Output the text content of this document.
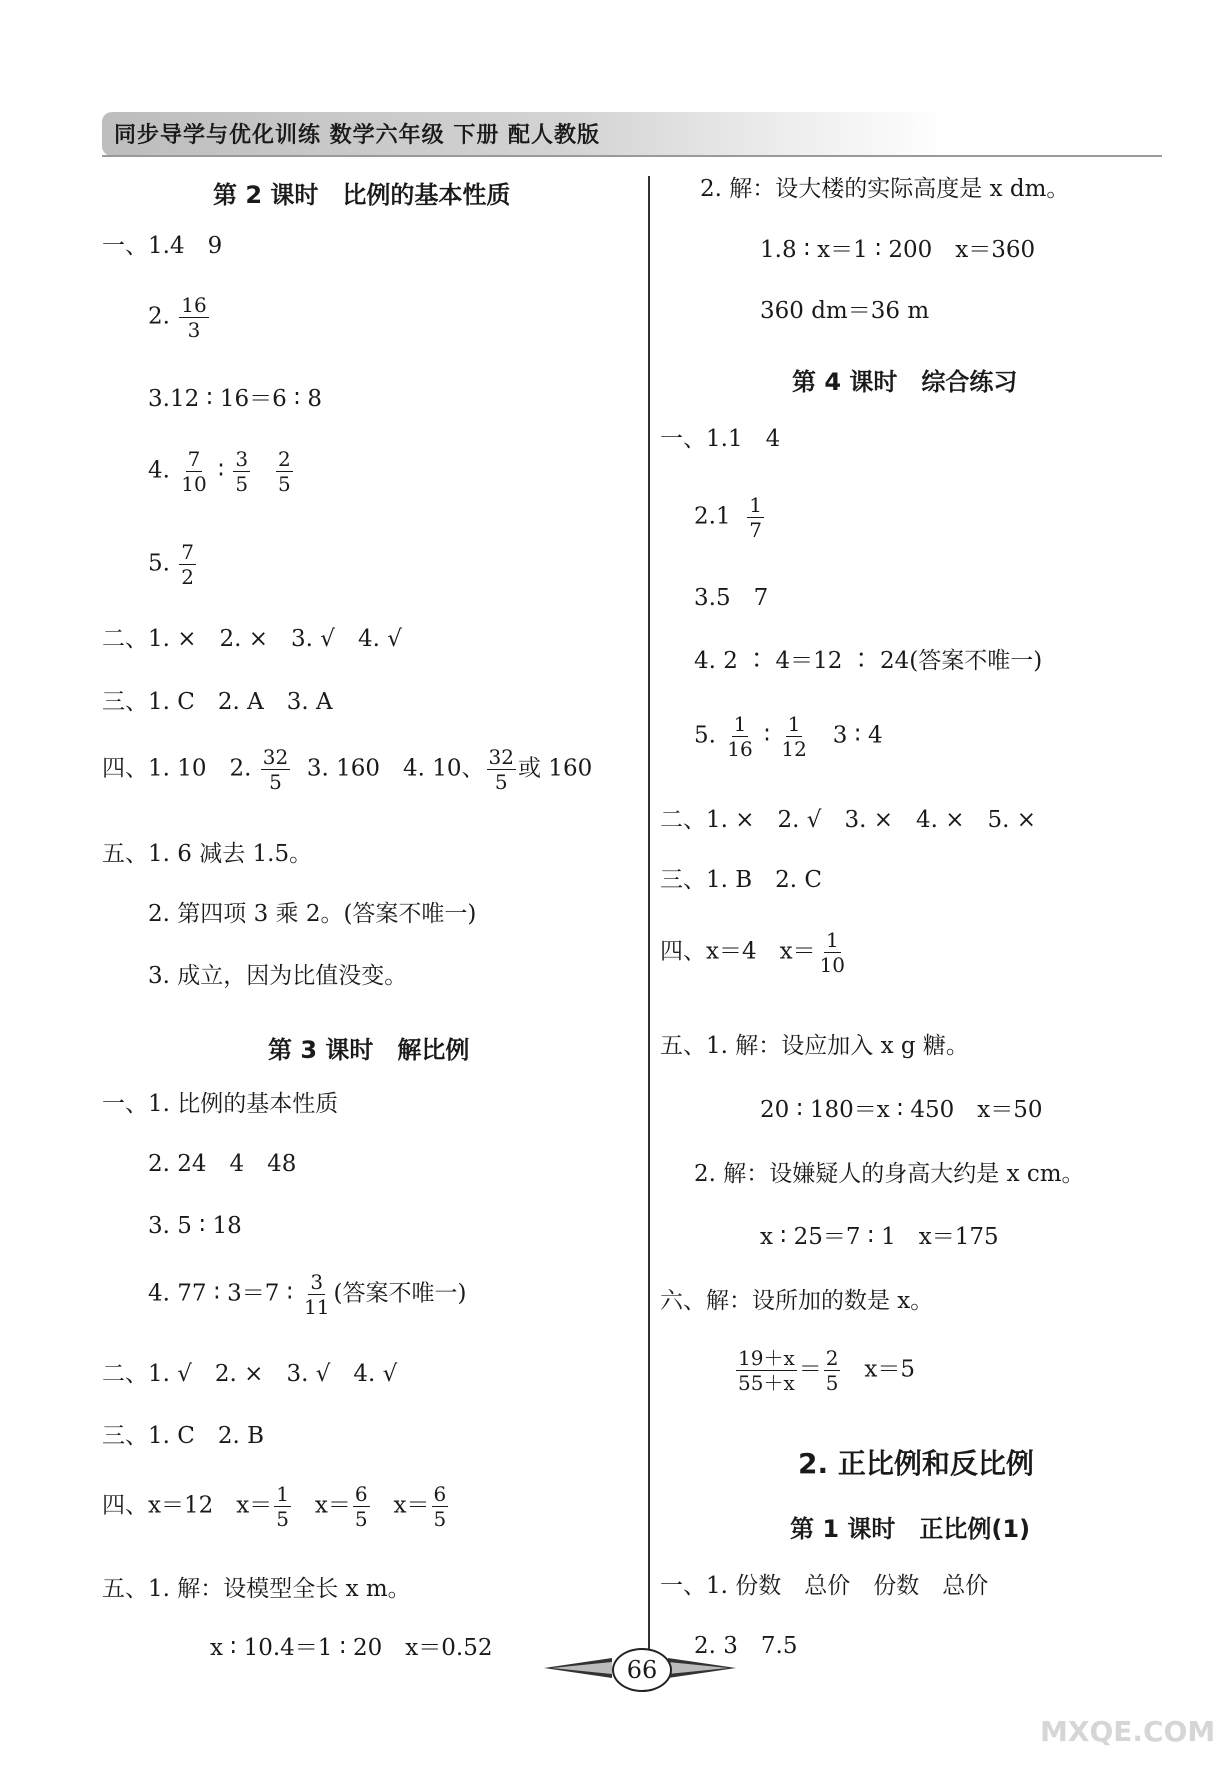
同步导学与优化训练 数学六年级 下册 配人教版
第 2 课时　比例的基本性质
一、1.4　9
2. $\frac{16}{3}$
3.12 ∶ 16＝6 ∶ 8
4. $\frac{7}{10}$ ∶ $\frac{3}{5}$
$\frac{2}{5}$
5. $\frac{7}{2}$
二、1. ×　2. ×　3. √　4. √
三、1. C　2. A　3. A
四、1. 10　2. $\frac{32}{5} 3$. 160　4. 10、 $\frac{32}{5}$ 或 160
五、1. 6 减去 1.5。
2. 第四项 3 乘 2。(答案不唯一)
3. 成立，因为比值没变。
第 3 课时　解比例
一、1. 比例的基本性质
2. 24　4　48
3. 5 ∶ 18
4. 77 ∶ 3＝7 ∶ $\frac{3}{11}$ (答案不唯一)
二、1. √　2. ×　3. √　4. √
三、1. C　2. B
四、x＝12　$x= \frac{1}{5} x= \frac{6}{5} x= \frac{6}{5}$
五、1. 解：设模型全长 x m。
x ∶ 10.4＝1 ∶ 20　x＝0.52
2. 解：设大楼的实际高度是 x dm。
1.8 ∶ x＝1 ∶ 200　x＝360
360 dm＝36 m
第 4 课时　综合练习
一、1.1　4
$2.1 \frac{1}{7}$
3.5　7
4. 2 ∶ 4＝12 ∶ 24(答案不唯一)
5. $\frac{1}{16}$ ∶ $\frac{1}{12} 3$ ∶ 4
二、1. ×　2. √　3. ×　4. ×　5. ×
三、1. B　2. C
四、x＝4　$x= \frac{1}{10}$
五、1. 解：设应加入 x g 糖。
20 ∶ 180＝x ∶ 450　x＝50
2. 解：设嫌疑人的身高大约是 x cm。
x ∶ 25＝7 ∶ 1　x＝175
六、解：设所加的数是 x。
$\frac{19+x}{55+x} = \frac{2}{5} x=5$
2. 正比例和反比例
第 1 课时　正比例(1)
一、1. 份数　总价　份数　总价
2. 3　7.5
66
MXQE.COM
